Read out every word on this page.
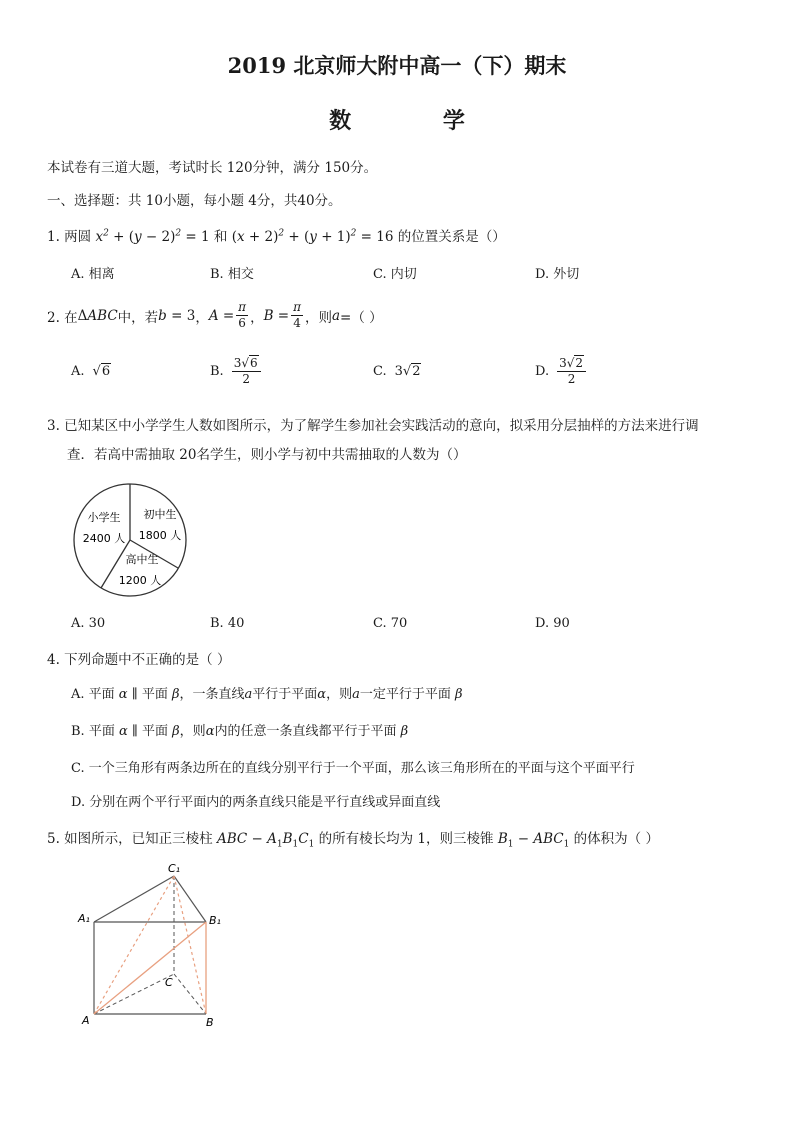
2019 北京师大附中高一（下）期末
数 学
本试卷有三道大题，考试时长 120分钟，满分 150分。
一、选择题：共 10小题，每小题 4分，共40分。
1. 两圆 $x^2 + (y - 2)^2 = 1$ 和 $(x + 2)^2 + (y + 1)^2 = 16$ 的位置关系是（）
A. 相离	B. 相交	C. 内切	D. 外切
2. 在 ΔABC 中，若 b = 3 ， $A = \frac{\pi}{6}$ ， $B = \frac{\pi}{4}$ ，则 a =（ ）
A. √6	B. $\frac{3√6}{2}$	C. 3√2	D. $\frac{3√2}{2}$
3. 已知某区中小学学生人数如图所示，为了解学生参加社会实践活动的意向，拟采用分层抽样的方法来进行调
查．若高中需抽取 20名学生，则小学与初中共需抽取的人数为（）
小学生
2400 人
初中生
1800 人
高中生
1200 人
A. 30	B. 40	C. 70	D. 90
4. 下列命题中不正确的是（ ）
A. 平面 α ∥ 平面 β，一条直线a平行于平面α，则a一定平行于平面 β
B. 平面 α ∥ 平面 β，则α内的任意一条直线都平行于平面 β
C. 一个三角形有两条边所在的直线分别平行于一个平面，那么该三角形所在的平面与这个平面平行
D. 分别在两个平行平面内的两条直线只能是平行直线或异面直线
5. 如图所示，已知正三棱柱 ABC − $A_1B_1C_1$ 的所有棱长均为 1，则三棱锥 $B_1 - ABC_1$ 的体积为（ ）
C₁
A₁	B₁
C
A	B
